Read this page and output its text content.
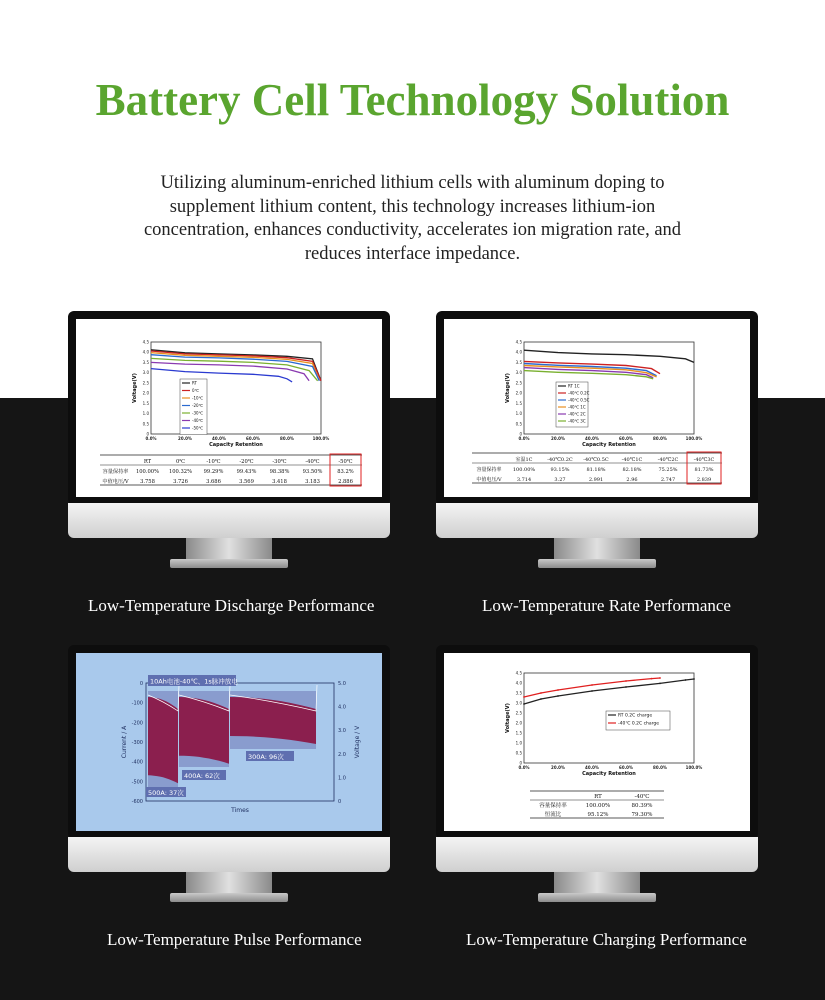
Battery Cell Technology Solution

Utilizing aluminum-enriched lithium cells with aluminum doping to supplement lithium content, this technology increases lithium-ion concentration, enhances conductivity, accelerates ion migration rate, and reduces interface impedance.

0
0.5
1.0
1.5
2.0
2.5
3.0
3.5
4.0
4.5
0.0%	20.0%	40.0%	60.0%	80.0%	100.0%
Capacity Retention
Voltage(V)	RT
0℃
-10℃
-20℃
-30℃
-40℃
-50℃
RT	0℃	-10℃	-20℃	-30℃	-40℃	-50℃
容量保持率 100.00% 100.32% 99.29%	99.43%	98.38%	93.50%	83.2%
中值电压/V 3.758	3.726	3.686	3.569	3.418	3.183	2.886
0
0.5
1.0
1.5
2.0
2.5
3.0
3.5
4.0
4.5
0.0%	20.0%	40.0%	60.0%	80.0%	100.0%
Capacity Retention
Voltage(V)	RT 1C
-40℃ 0.2C
-40℃ 0.5C
-40℃ 1C
-40℃ 2C
-40℃ 3C
室温1C	-40℃0.2C -40℃0.5C	-40℃1C	-40℃2C	-40℃3C
容量保持率 100.00%	93.15%	81.18%	82.18%	75.25%	81.73%
中值电压/V	3.714	3.27	2.991	2.96	2.747	2.839
0
-100
-200
-300
-400
-500
-600	0
1.0
2.0
3.0
4.0
5.0
Current / A	Voltage / V
Times
10Ah电池-40℃、1s脉冲放电
500A: 37次
400A: 62次
300A: 96次
0
0.5
1.0
1.5
2.0
2.5
3.0
3.5
4.0
4.5
0.0%	20.0%	40.0%	60.0%	80.0%	100.0%
Capacity Retention
Voltage(V)	RT 0.2C charge
-40℃ 0.2C charge
RT	-40℃
容量保持率	100.00%	80.39%
恒流比	95.12%	79.30%
Low-Temperature Discharge Performance	Low-Temperature Rate Performance
Low-Temperature Pulse Performance	Low-Temperature Charging Performance
